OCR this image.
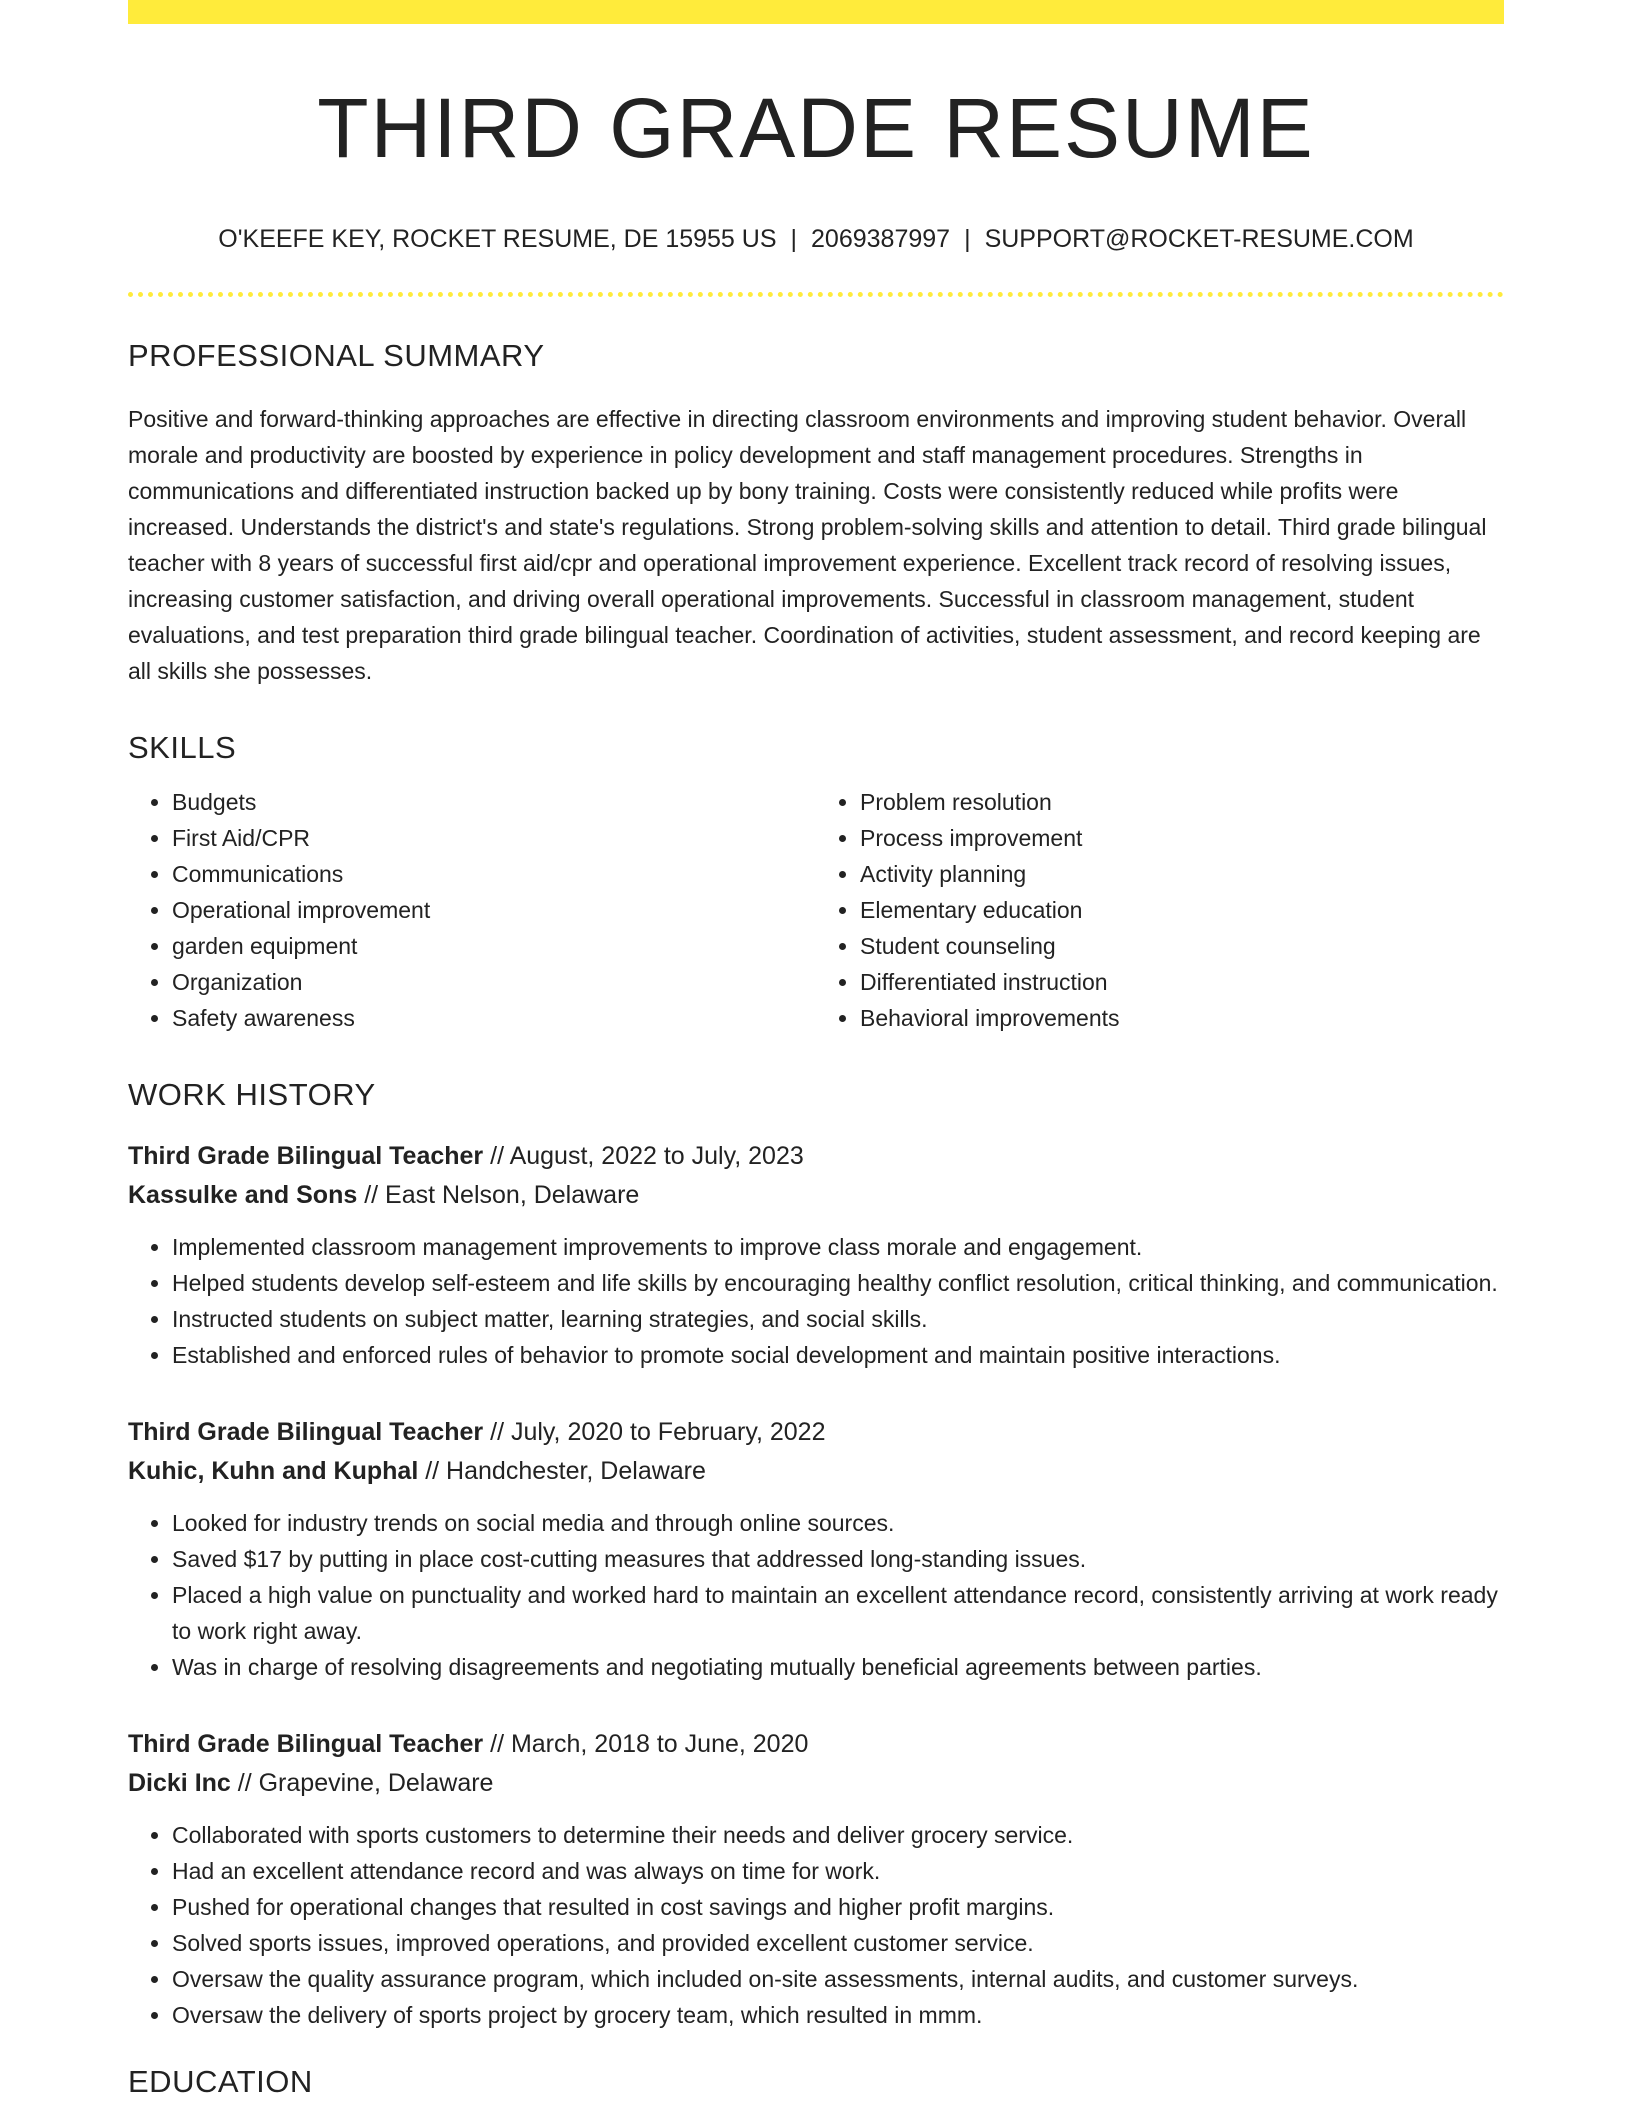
THIRD GRADE RESUME
O'KEEFE KEY, ROCKET RESUME, DE 15955 US | 2069387997 | SUPPORT@ROCKET-RESUME.COM
PROFESSIONAL SUMMARY

Positive and forward-thinking approaches are effective in directing classroom environments and improving student behavior. Overall morale and productivity are boosted by experience in policy development and staff management procedures. Strengths in communications and differentiated instruction backed up by bony training. Costs were consistently reduced while profits were increased. Understands the district's and state's regulations. Strong problem-solving skills and attention to detail. Third grade bilingual teacher with 8 years of successful first aid/cpr and operational improvement experience. Excellent track record of resolving issues, increasing customer satisfaction, and driving overall operational improvements. Successful in classroom management, student evaluations, and test preparation third grade bilingual teacher. Coordination of activities, student assessment, and record keeping are all skills she possesses.

SKILLS
• Budgets
• First Aid/CPR
• Communications
• Operational improvement
• garden equipment
• Organization
• Safety awareness
• Problem resolution
• Process improvement
• Activity planning
• Elementary education
• Student counseling
• Differentiated instruction
• Behavioral improvements
WORK HISTORY
Third Grade Bilingual Teacher // August, 2022 to July, 2023
Kassulke and Sons // East Nelson, Delaware
• Implemented classroom management improvements to improve class morale and engagement.
• Helped students develop self-esteem and life skills by encouraging healthy conflict resolution, critical thinking, and communication.
• Instructed students on subject matter, learning strategies, and social skills.
• Established and enforced rules of behavior to promote social development and maintain positive interactions.
Third Grade Bilingual Teacher // July, 2020 to February, 2022
Kuhic, Kuhn and Kuphal // Handchester, Delaware
• Looked for industry trends on social media and through online sources.
• Saved $17 by putting in place cost-cutting measures that addressed long-standing issues.
• Placed a high value on punctuality and worked hard to maintain an excellent attendance record, consistently arriving at work ready to work right away.
• Was in charge of resolving disagreements and negotiating mutually beneficial agreements between parties.
Third Grade Bilingual Teacher // March, 2018 to June, 2020
Dicki Inc // Grapevine, Delaware
• Collaborated with sports customers to determine their needs and deliver grocery service.
• Had an excellent attendance record and was always on time for work.
• Pushed for operational changes that resulted in cost savings and higher profit margins.
• Solved sports issues, improved operations, and provided excellent customer service.
• Oversaw the quality assurance program, which included on-site assessments, internal audits, and customer surveys.
• Oversaw the delivery of sports project by grocery team, which resulted in mmm.
EDUCATION
